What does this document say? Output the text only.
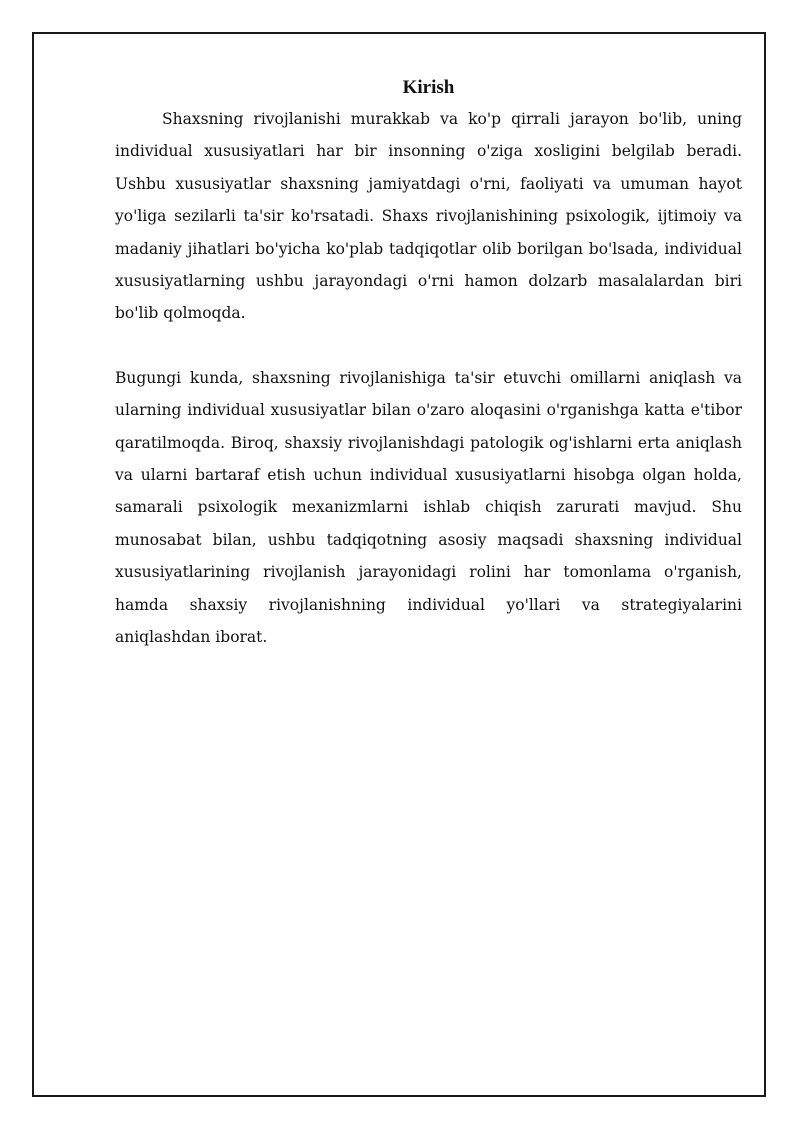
Kirish

Shaxsning rivojlanishi murakkab va ko'p qirrali jarayon bo'lib, uning individual xususiyatlari har bir insonning o'ziga xosligini belgilab beradi. Ushbu xususiyatlar shaxsning jamiyatdagi o'rni, faoliyati va umuman hayot yo'liga sezilarli ta'sir ko'rsatadi. Shaxs rivojlanishining psixologik, ijtimoiy va madaniy jihatlari bo'yicha ko'plab tadqiqotlar olib borilgan bo'lsada, individual xususiyatlarning ushbu jarayondagi o'rni hamon dolzarb masalalardan biri bo'lib qolmoqda.

Bugungi kunda, shaxsning rivojlanishiga ta'sir etuvchi omillarni aniqlash va ularning individual xususiyatlar bilan o'zaro aloqasini o'rganishga katta e'tibor qaratilmoqda. Biroq, shaxsiy rivojlanishdagi patologik og'ishlarni erta aniqlash va ularni bartaraf etish uchun individual xususiyatlarni hisobga olgan holda, samarali psixologik mexanizmlarni ishlab chiqish zarurati mavjud. Shu munosabat bilan, ushbu tadqiqotning asosiy maqsadi shaxsning individual xususiyatlarining rivojlanish jarayonidagi rolini har tomonlama o'rganish, hamda shaxsiy rivojlanishning individual yo'llari va strategiyalarini aniqlashdan iborat.
